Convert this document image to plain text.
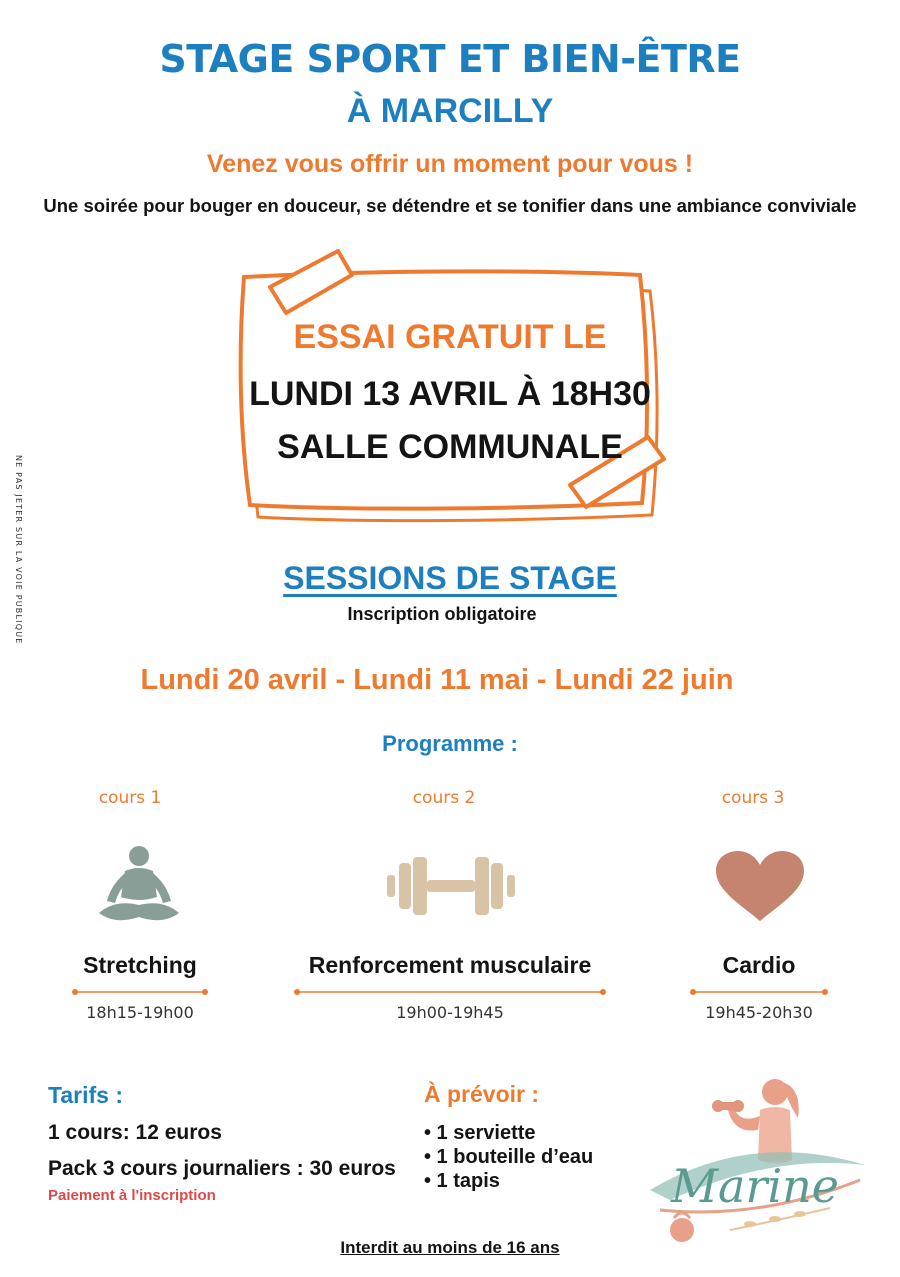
NE PAS JETER SUR LA VOIE PUBLIQUE
STAGE SPORT ET BIEN-ÊTRE
À MARCILLY
Venez vous offrir un moment pour vous !
Une soirée pour bouger en douceur, se détendre et se tonifier dans une ambiance conviviale
ESSAI GRATUIT LE
LUNDI 13 AVRIL À 18H30
SALLE COMMUNALE
SESSIONS DE STAGE
Inscription obligatoire
Lundi 20 avril - Lundi 11 mai - Lundi 22 juin
Programme :
cours 1
Stretching
18h15-19h00
cours 2
Renforcement musculaire
19h00-19h45
cours 3
Cardio
19h45-20h30
Tarifs :
1 cours: 12 euros
Pack 3 cours journaliers : 30 euros
Paiement à l'inscription
À prévoir :
• 1 serviette
• 1 bouteille d’eau
• 1 tapis	Marine
Interdit au moins de 16 ans
